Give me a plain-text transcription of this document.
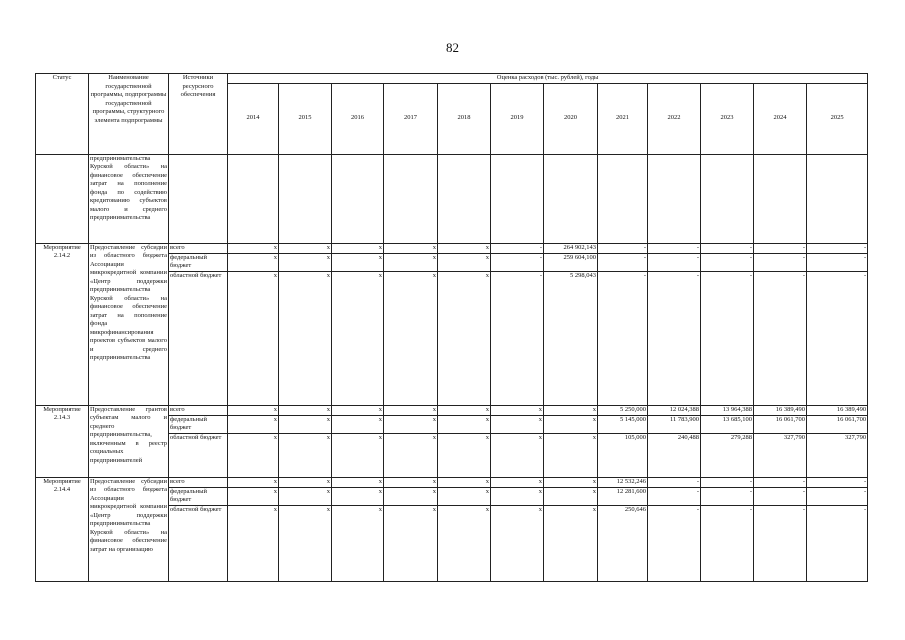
82
Статус	Наименование государственной программы, подпрограммы государственной программы, структурного элемента подпрограммы	Источники ресурсного обеспечения	Оценка расходов (тыс. рублей), годы											
			2014	2015	2016	2017	2018	2019	2020	2021	2022	2023	2024	2025
	предпринимательства Курской области» на финансовое обеспечение затрат на пополнение фонда по содействию кредитованию субъектов малого и среднего предпринимательства													
Мероприятие 2.14.2	Предоставление субсидии из областного бюджета Ассоциации микрокредитной компании «Центр поддержки предпринимательства Курской области» на финансовое обеспечение затрат на пополнение фонда микрофинансирования проектов субъектов малого и среднего предпринимательства	всего	х	х	х	х	х	-	264 902,143	-	-	-	-	-
		федеральный бюджет	х	х	х	х	х	-	259 604,100	-	-	-	-	-
		областной бюджет	х	х	х	х	х	-	5 298,043	-	-	-	-	-
Мероприятие 2.14.3	Предоставление грантов субъектам малого и среднего предпринимательства, включенным в реестр социальных предпринимателей	всего	х	х	х	х	х	х	х	5 250,000	12 024,388	13 964,388	16 389,490	16 389,490
		федеральный бюджет	х	х	х	х	х	х	х	5 145,000	11 783,900	13 685,100	16 061,700	16 061,700
		областной бюджет	х	х	х	х	х	х	х	105,000	240,488	279,288	327,790	327,790
Мероприятие 2.14.4	Предоставление субсидии из областного бюджета Ассоциации микрокредитной компании «Центр поддержки предпринимательства Курской области» на финансовое обеспечение затрат на организацию	всего	х	х	х	х	х	х	х	12 532,246	-	-	-	-
		федеральный бюджет	х	х	х	х	х	х	х	12 281,600	-	-	-	-
		областной бюджет	х	х	х	х	х	х	х	250,646	-	-	-	-
